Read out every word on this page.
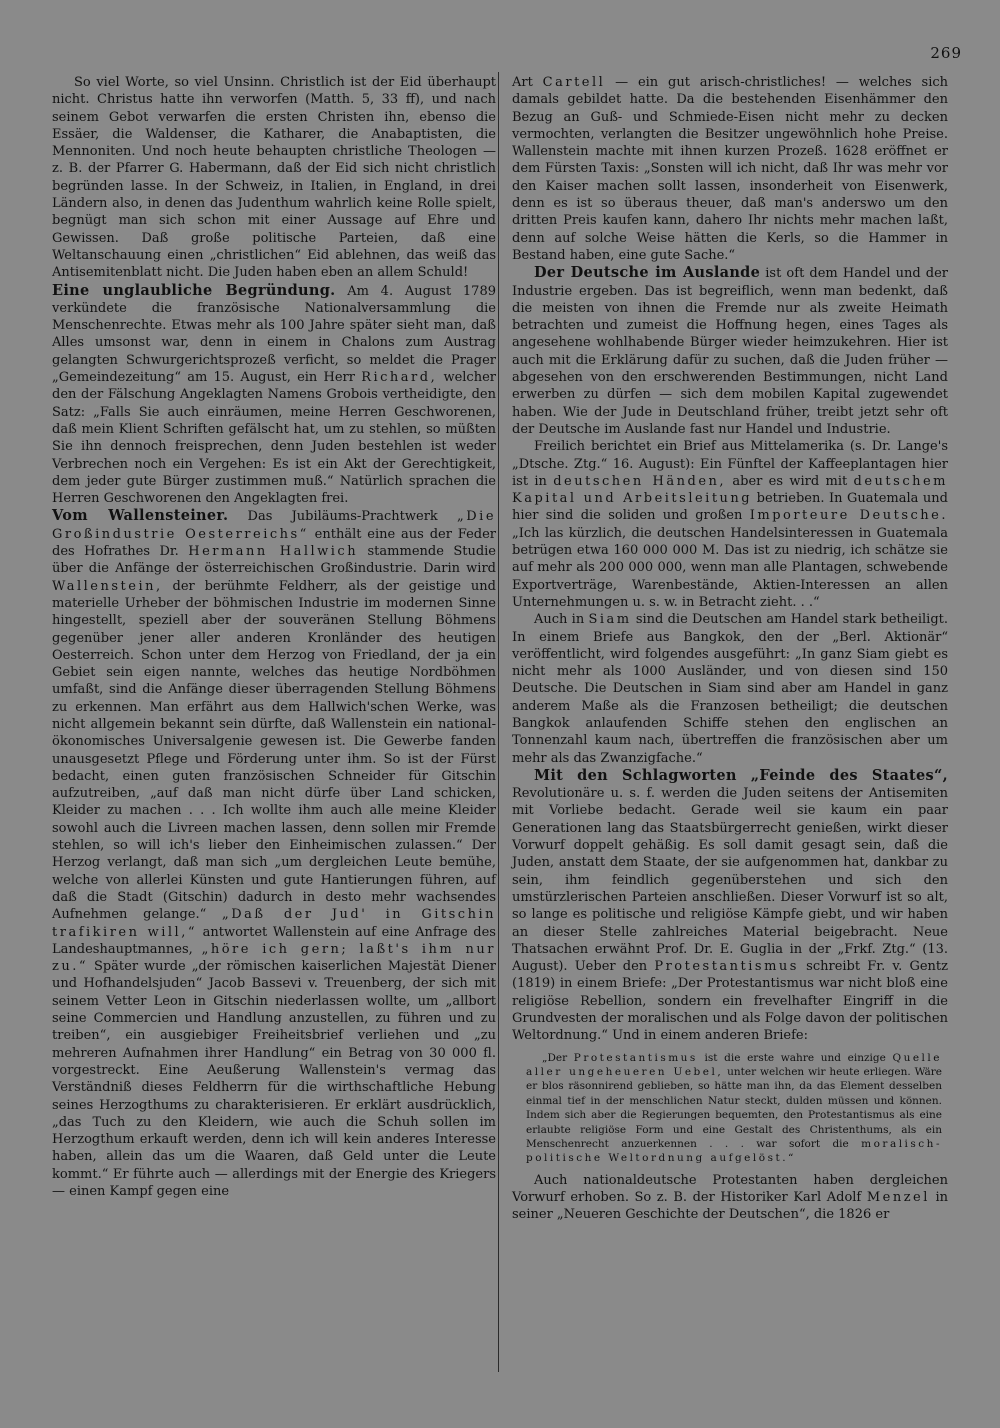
269

So viel Worte, so viel Unsinn. Christlich ist der Eid überhaupt nicht. Christus hatte ihn verworfen (Matth. 5, 33 ff), und nach seinem Gebot verwarfen die ersten Christen ihn, ebenso die Essäer, die Waldenser, die Katharer, die Anabaptisten, die Mennoniten. Und noch heute behaupten christliche Theologen — z. B. der Pfarrer G. Habermann, daß der Eid sich nicht christlich begründen lasse. In der Schweiz, in Italien, in England, in drei Ländern also, in denen das Judenthum wahrlich keine Rolle spielt, begnügt man sich schon mit einer Aussage auf Ehre und Gewissen. Daß große politische Parteien, daß eine Weltanschauung einen „christlichen“ Eid ablehnen, das weiß das Antisemitenblatt nicht. Die Juden haben eben an allem Schuld!

Eine unglaubliche Begründung. Am 4. August 1789 verkündete die französische Nationalversammlung die Menschenrechte. Etwas mehr als 100 Jahre später sieht man, daß Alles umsonst war, denn in einem in Chalons zum Austrag gelangten Schwurgerichtsprozeß verficht, so meldet die Prager „Gemeindezeitung“ am 15. August, ein Herr Richard, welcher den der Fälschung Angeklagten Namens Grobois vertheidigte, den Satz: „Falls Sie auch einräumen, meine Herren Geschworenen, daß mein Klient Schriften gefälscht hat, um zu stehlen, so müßten Sie ihn dennoch freisprechen, denn Juden bestehlen ist weder Verbrechen noch ein Vergehen: Es ist ein Akt der Gerechtigkeit, dem jeder gute Bürger zustimmen muß.“ Natürlich sprachen die Herren Geschworenen den Angeklagten frei.

Vom Wallensteiner. Das Jubiläums-Prachtwerk „Die Großindustrie Oesterreichs“ enthält eine aus der Feder des Hofrathes Dr. Hermann Hallwich stammende Studie über die Anfänge der österreichischen Großindustrie. Darin wird Wallenstein, der berühmte Feldherr, als der geistige und materielle Urheber der böhmischen Industrie im modernen Sinne hingestellt, speziell aber der souveränen Stellung Böhmens gegenüber jener aller anderen Kronländer des heutigen Oesterreich. Schon unter dem Herzog von Friedland, der ja ein Gebiet sein eigen nannte, welches das heutige Nordböhmen umfaßt, sind die Anfänge dieser überragenden Stellung Böhmens zu erkennen. Man erfährt aus dem Hallwich'schen Werke, was nicht allgemein bekannt sein dürfte, daß Wallenstein ein national-ökonomisches Universalgenie gewesen ist. Die Gewerbe fanden unausgesetzt Pflege und Förderung unter ihm. So ist der Fürst bedacht, einen guten französischen Schneider für Gitschin aufzutreiben, „auf daß man nicht dürfe über Land schicken, Kleider zu machen . . . Ich wollte ihm auch alle meine Kleider sowohl auch die Livreen machen lassen, denn sollen mir Fremde stehlen, so will ich's lieber den Einheimischen zulassen.“ Der Herzog verlangt, daß man sich „um dergleichen Leute bemühe, welche von allerlei Künsten und gute Hantierungen führen, auf daß die Stadt (Gitschin) dadurch in desto mehr wachsendes Aufnehmen gelange.“ „Daß der Jud' in Gitschin trafikiren will,“ antwortet Wallenstein auf eine Anfrage des Landeshauptmannes, „höre ich gern; laßt's ihm nur zu.“ Später wurde „der römischen kaiserlichen Majestät Diener und Hofhandelsjuden“ Jacob Bassevi v. Treuenberg, der sich mit seinem Vetter Leon in Gitschin niederlassen wollte, um „allbort seine Commercien und Handlung anzustellen, zu führen und zu treiben“, ein ausgiebiger Freiheitsbrief verliehen und „zu mehreren Aufnahmen ihrer Handlung“ ein Betrag von 30 000 fl. vorgestreckt. Eine Aeußerung Wallenstein's vermag das Verständniß dieses Feldherrn für die wirthschaftliche Hebung seines Herzogthums zu charakterisieren. Er erklärt ausdrücklich, „das Tuch zu den Kleidern, wie auch die Schuh sollen im Herzogthum erkauft werden, denn ich will kein anderes Interesse haben, allein das um die Waaren, daß Geld unter die Leute kommt.“ Er führte auch — allerdings mit der Energie des Kriegers — einen Kampf gegen eine

Art Cartell — ein gut arisch-christliches! — welches sich damals gebildet hatte. Da die bestehenden Eisenhämmer den Bezug an Guß- und Schmiede-Eisen nicht mehr zu decken vermochten, verlangten die Besitzer ungewöhnlich hohe Preise. Wallenstein machte mit ihnen kurzen Prozeß. 1628 eröffnet er dem Fürsten Taxis: „Sonsten will ich nicht, daß Ihr was mehr vor den Kaiser machen sollt lassen, insonderheit von Eisenwerk, denn es ist so überaus theuer, daß man's anderswo um den dritten Preis kaufen kann, dahero Ihr nichts mehr machen laßt, denn auf solche Weise hätten die Kerls, so die Hammer in Bestand haben, eine gute Sache.“

Der Deutsche im Auslande ist oft dem Handel und der Industrie ergeben. Das ist begreiflich, wenn man bedenkt, daß die meisten von ihnen die Fremde nur als zweite Heimath betrachten und zumeist die Hoffnung hegen, eines Tages als angesehene wohlhabende Bürger wieder heimzukehren. Hier ist auch mit die Erklärung dafür zu suchen, daß die Juden früher — abgesehen von den erschwerenden Bestimmungen, nicht Land erwerben zu dürfen — sich dem mobilen Kapital zugewendet haben. Wie der Jude in Deutschland früher, treibt jetzt sehr oft der Deutsche im Auslande fast nur Handel und Industrie.

Freilich berichtet ein Brief aus Mittelamerika (s. Dr. Lange's „Dtsche. Ztg.“ 16. August): Ein Fünftel der Kaffeeplantagen hier ist in deutschen Händen, aber es wird mit deutschem Kapital und Arbeitsleitung betrieben. In Guatemala und hier sind die soliden und großen Importeure Deutsche. „Ich las kürzlich, die deutschen Handelsinteressen in Guatemala betrügen etwa 160 000 000 M. Das ist zu niedrig, ich schätze sie auf mehr als 200 000 000, wenn man alle Plantagen, schwebende Exportverträge, Warenbestände, Aktien-Interessen an allen Unternehmungen u. s. w. in Betracht zieht. . .“

Auch in Siam sind die Deutschen am Handel stark betheiligt. In einem Briefe aus Bangkok, den der „Berl. Aktionär“ veröffentlicht, wird folgendes ausgeführt: „In ganz Siam giebt es nicht mehr als 1000 Ausländer, und von diesen sind 150 Deutsche. Die Deutschen in Siam sind aber am Handel in ganz anderem Maße als die Franzosen betheiligt; die deutschen Bangkok anlaufenden Schiffe stehen den englischen an Tonnenzahl kaum nach, übertreffen die französischen aber um mehr als das Zwanzigfache.“

Mit den Schlagworten „Feinde des Staates“, Revolutionäre u. s. f. werden die Juden seitens der Antisemiten mit Vorliebe bedacht. Gerade weil sie kaum ein paar Generationen lang das Staatsbürgerrecht genießen, wirkt dieser Vorwurf doppelt gehäßig. Es soll damit gesagt sein, daß die Juden, anstatt dem Staate, der sie aufgenommen hat, dankbar zu sein, ihm feindlich gegenüberstehen und sich den umstürzlerischen Parteien anschließen. Dieser Vorwurf ist so alt, so lange es politische und religiöse Kämpfe giebt, und wir haben an dieser Stelle zahlreiches Material beigebracht. Neue Thatsachen erwähnt Prof. Dr. E. Guglia in der „Frkf. Ztg.“ (13. August). Ueber den Protestantismus schreibt Fr. v. Gentz (1819) in einem Briefe: „Der Protestantismus war nicht bloß eine religiöse Rebellion, sondern ein frevelhafter Eingriff in die Grundvesten der moralischen und als Folge davon der politischen Weltordnung.“ Und in einem anderen Briefe:

„Der Protestantismus ist die erste wahre und einzige Quelle aller ungeheueren Uebel, unter welchen wir heute erliegen. Wäre er blos räsonnirend geblieben, so hätte man ihn, da das Element desselben einmal tief in der menschlichen Natur steckt, dulden müssen und können. Indem sich aber die Regierungen bequemten, den Protestantismus als eine erlaubte religiöse Form und eine Gestalt des Christenthums, als ein Menschenrecht anzuerkennen . . . war sofort die moralisch-politische Weltordnung aufgelöst.“

Auch nationaldeutsche Protestanten haben dergleichen Vorwurf erhoben. So z. B. der Historiker Karl Adolf Menzel in seiner „Neueren Geschichte der Deutschen“, die 1826 er
